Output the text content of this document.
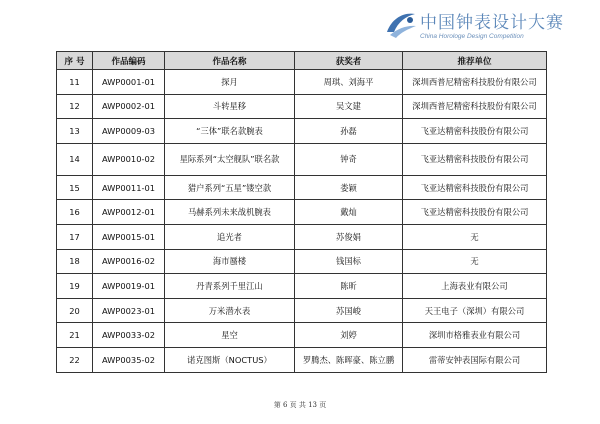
中国钟表设计大赛
China Horologe Design Competition
序 号	作品编码	作品名称	获奖者	推荐单位
11	AWP0001-01	探月	周琪、刘海平	深圳西普尼精密科技股份有限公司
12	AWP0002-01	斗转星移	吴文建	深圳西普尼精密科技股份有限公司
13	AWP0009-03	“三体”联名款腕表	孙磊	飞亚达精密科技股份有限公司
14	AWP0010-02	星际系列“太空舰队”联名款	钟奇	飞亚达精密科技股份有限公司
15	AWP0011-01	猎户系列“五星”镂空款	娄颖	飞亚达精密科技股份有限公司
16	AWP0012-01	马赫系列未来战机腕表	戴灿	飞亚达精密科技股份有限公司
17	AWP0015-01	追光者	苏俊娟	无
18	AWP0016-02	海市蜃楼	钱国标	无
19	AWP0019-01	丹青系列千里江山	陈昕	上海表业有限公司
20	AWP0023-01	万米潜水表	苏国峻	天王电子（深圳）有限公司
21	AWP0033-02	星空	刘婷	深圳市格雅表业有限公司
22	AWP0035-02	诺克图斯（NOCTUS）	罗腾杰、陈晖豪、陈立鹏	雷蒂安钟表国际有限公司
第 6 页 共 13 页
